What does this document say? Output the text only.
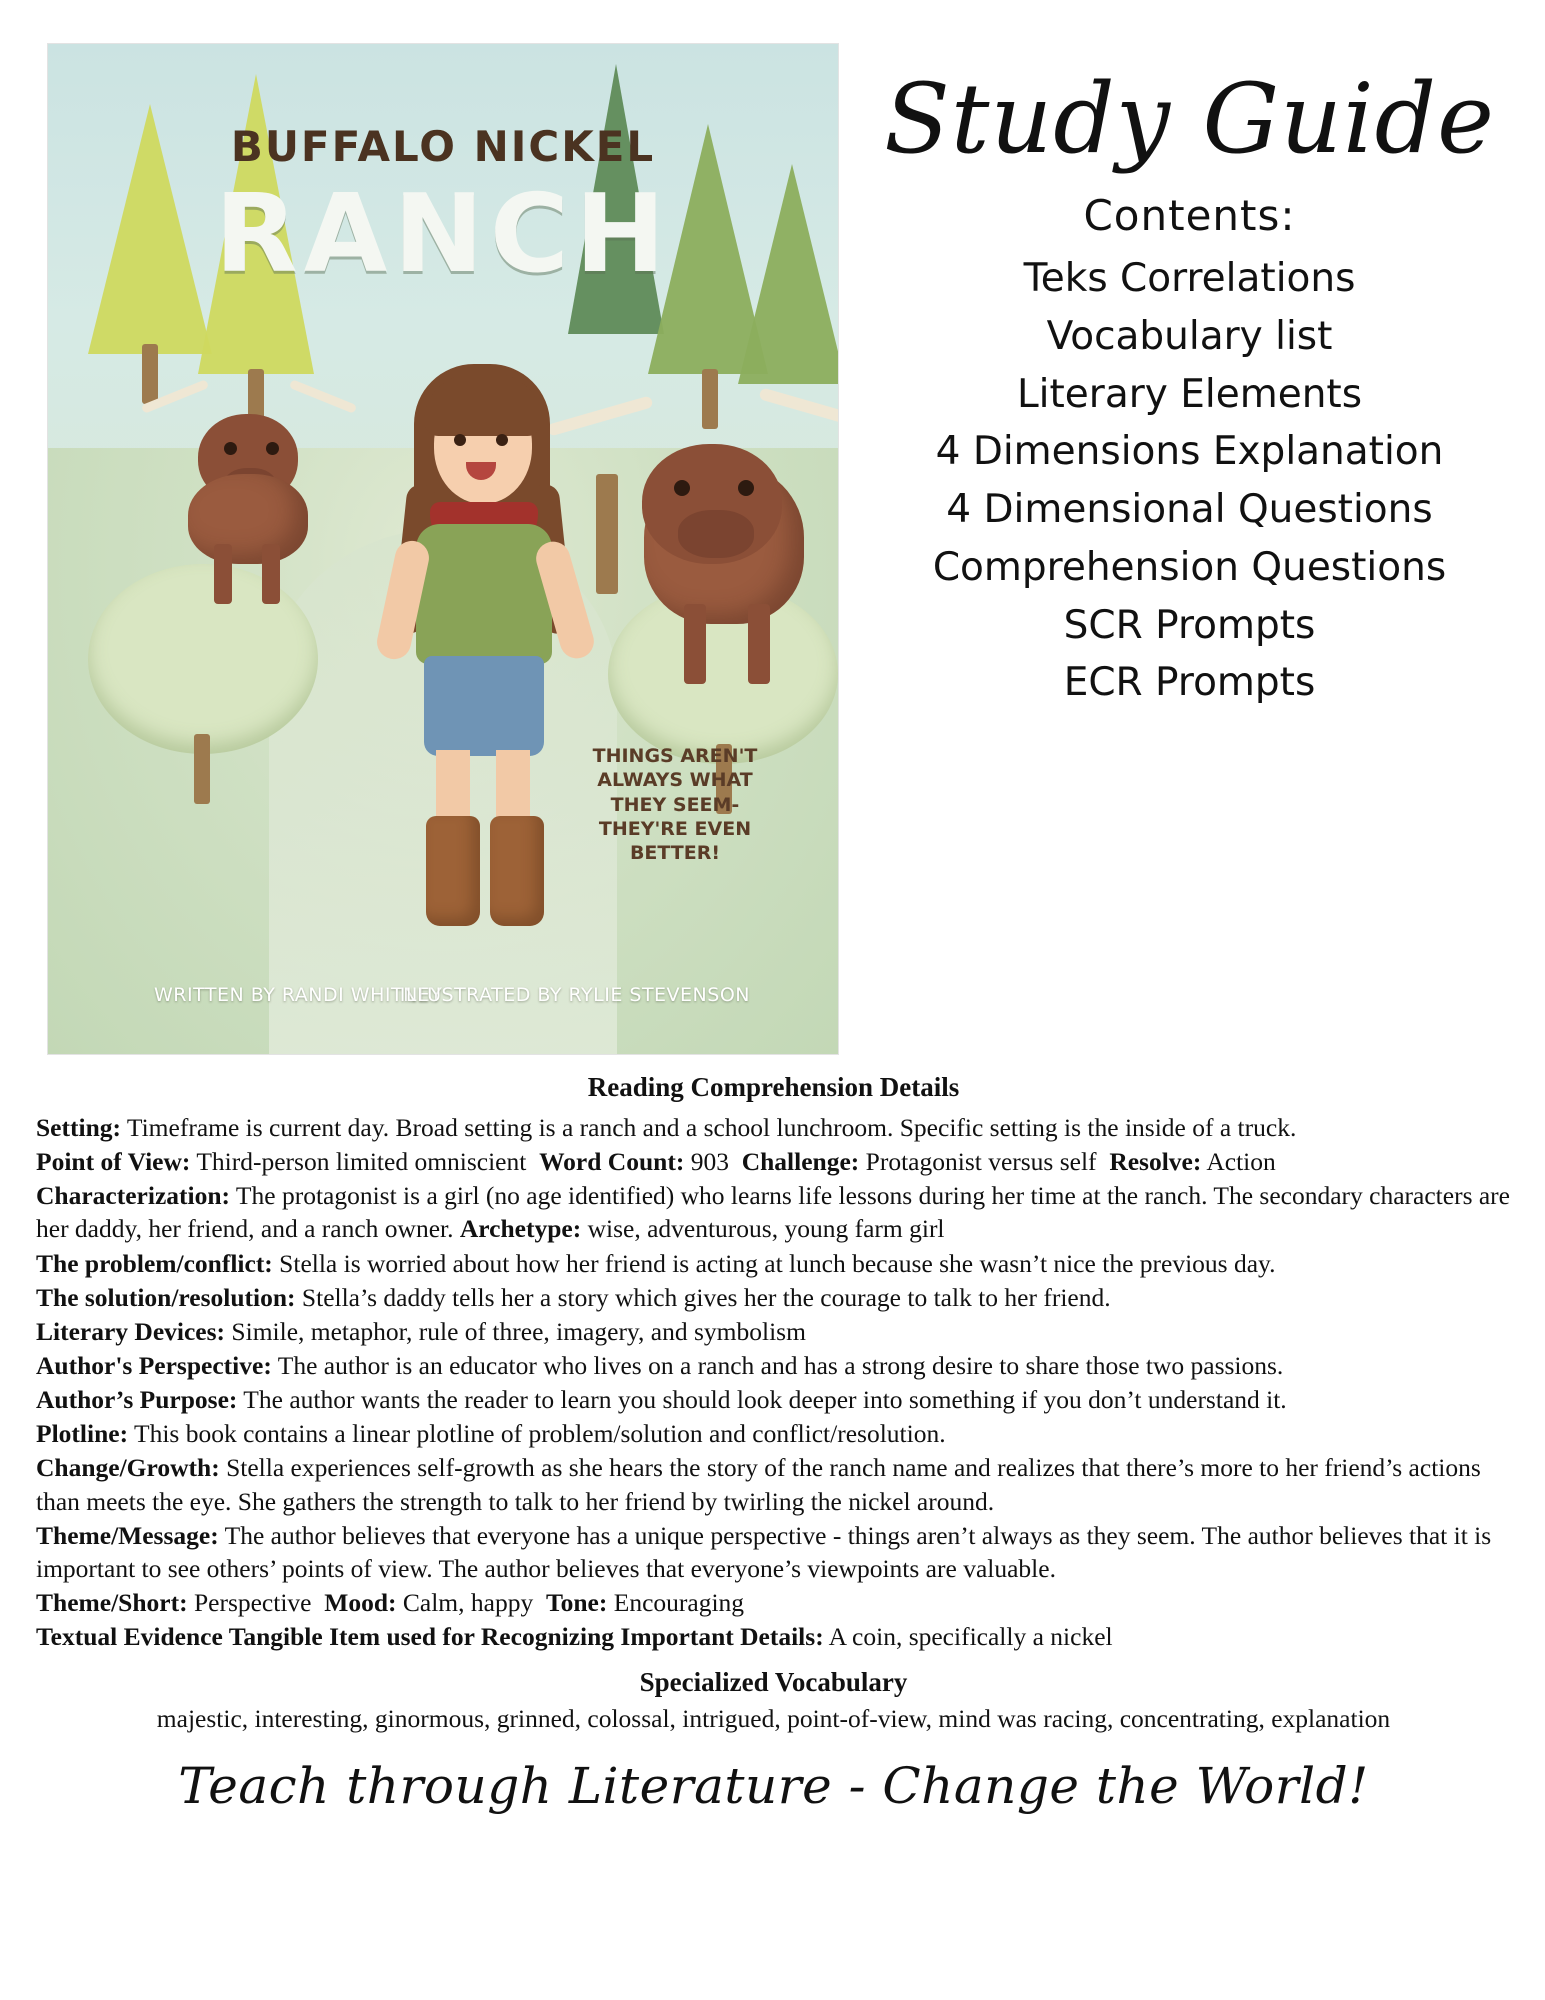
BUFFALO NICKEL
RANCH
THINGS AREN'T ALWAYS WHAT THEY SEEM- THEY'RE EVEN BETTER!
WRITTEN BY RANDI WHITNEY
ILLUSTRATED BY RYLIE STEVENSON
Study Guide
Contents:
Teks Correlations
Vocabulary list
Literary Elements
4 Dimensions Explanation
4 Dimensional Questions
Comprehension Questions
SCR Prompts
ECR Prompts
Reading Comprehension Details

Setting: Timeframe is current day. Broad setting is a ranch and a school lunchroom. Specific setting is the inside of a truck.

Point of View: Third-person limited omniscient Word Count: 903 Challenge: Protagonist versus self Resolve: Action

Characterization: The protagonist is a girl (no age identified) who learns life lessons during her time at the ranch. The secondary characters are her daddy, her friend, and a ranch owner. Archetype: wise, adventurous, young farm girl

The problem/conflict: Stella is worried about how her friend is acting at lunch because she wasn’t nice the previous day.

The solution/resolution: Stella’s daddy tells her a story which gives her the courage to talk to her friend.

Literary Devices: Simile, metaphor, rule of three, imagery, and symbolism

Author's Perspective: The author is an educator who lives on a ranch and has a strong desire to share those two passions.

Author’s Purpose: The author wants the reader to learn you should look deeper into something if you don’t understand it.

Plotline: This book contains a linear plotline of problem/solution and conflict/resolution.

Change/Growth: Stella experiences self-growth as she hears the story of the ranch name and realizes that there’s more to her friend’s actions than meets the eye. She gathers the strength to talk to her friend by twirling the nickel around.

Theme/Message: The author believes that everyone has a unique perspective - things aren’t always as they seem. The author believes that it is important to see others’ points of view. The author believes that everyone’s viewpoints are valuable.

Theme/Short: Perspective Mood: Calm, happy Tone: Encouraging

Textual Evidence Tangible Item used for Recognizing Important Details: A coin, specifically a nickel

Specialized Vocabulary
majestic, interesting, ginormous, grinned, colossal, intrigued, point-of-view, mind was racing, concentrating, explanation
Teach through Literature - Change the World!
